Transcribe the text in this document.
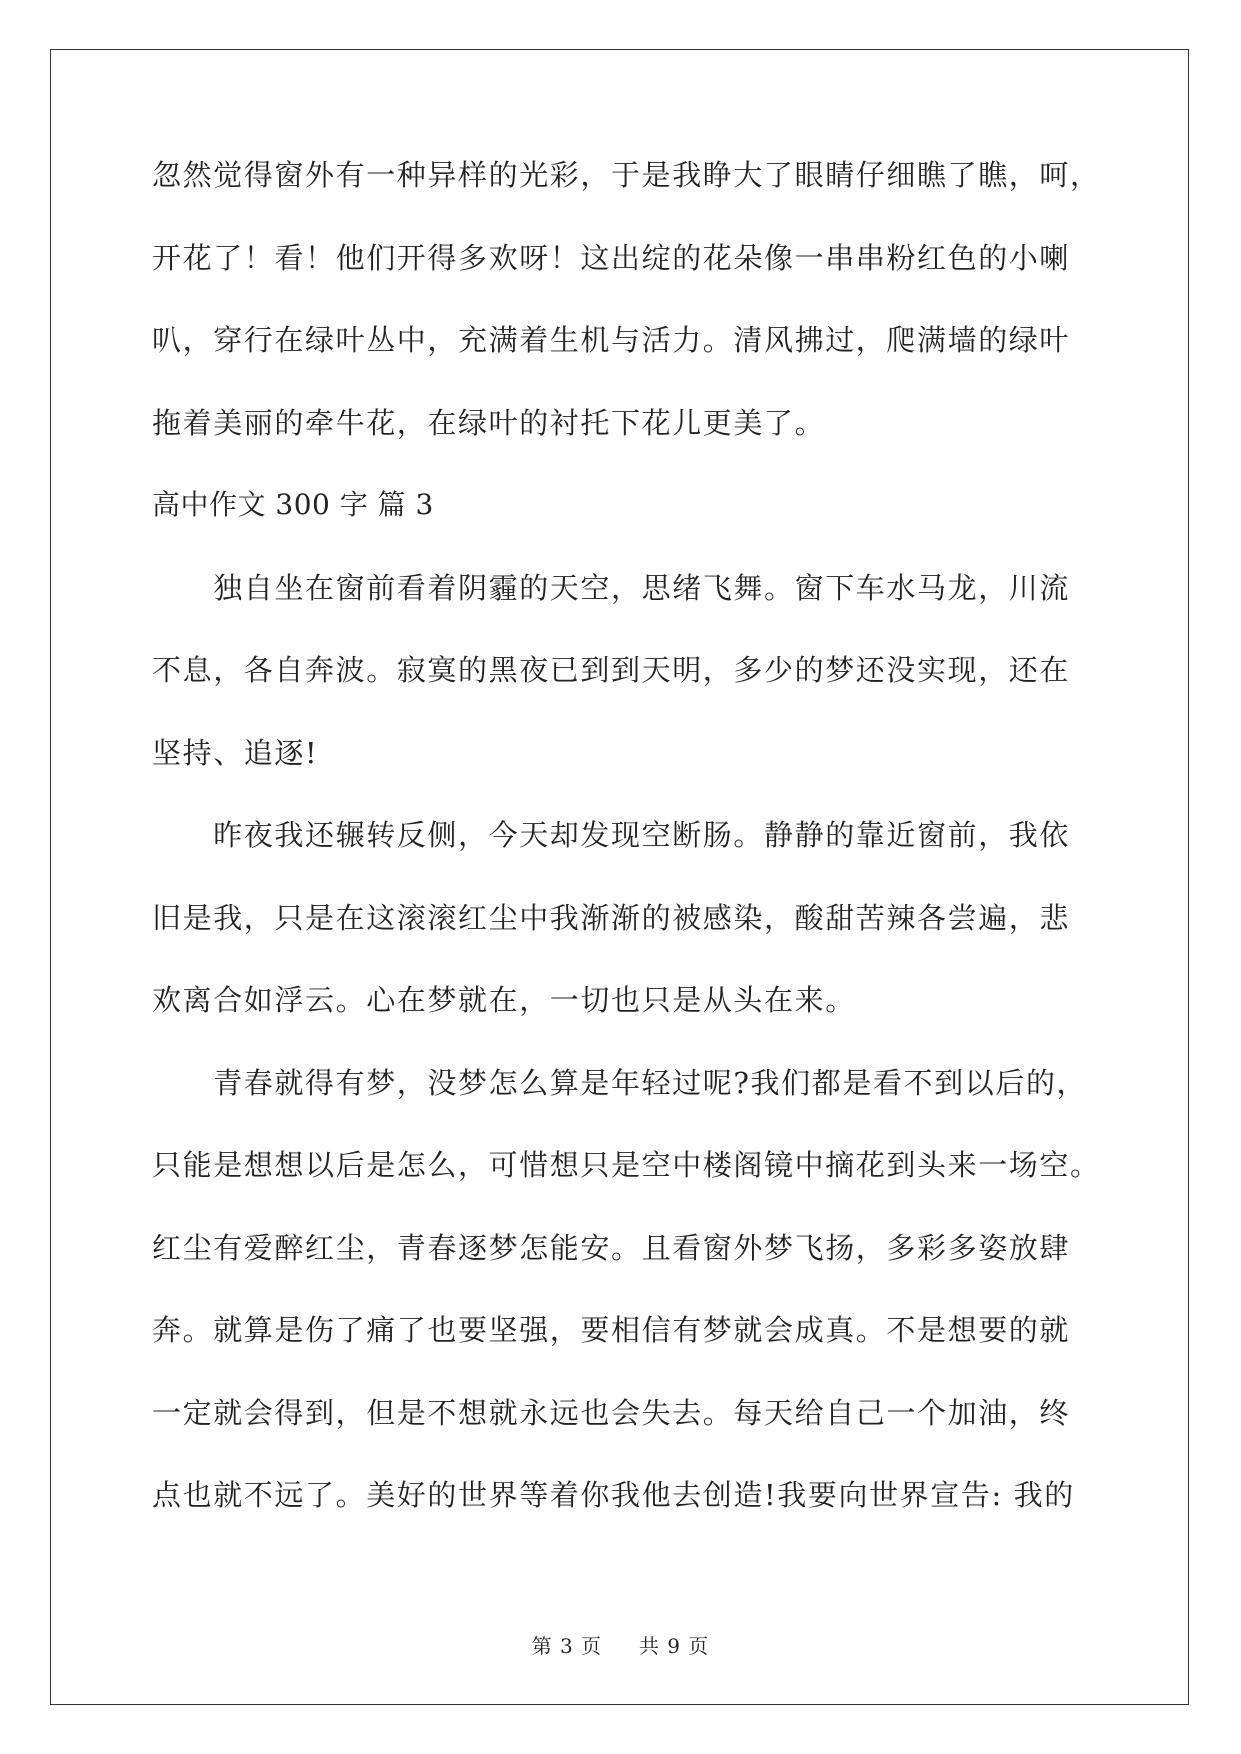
忽然觉得窗外有一种异样的光彩，于是我睁大了眼睛仔细瞧了瞧，呵，
开花了！看！他们开得多欢呀！这出绽的花朵像一串串粉红色的小喇
叭，穿行在绿叶丛中，充满着生机与活力。清风拂过，爬满墙的绿叶
拖着美丽的牵牛花，在绿叶的衬托下花儿更美了。
高中作文 300 字 篇 3
　　独自坐在窗前看着阴霾的天空，思绪飞舞。窗下车水马龙，川流
不息，各自奔波。寂寞的黑夜已到到天明，多少的梦还没实现，还在
坚持、追逐!
　　昨夜我还辗转反侧，今天却发现空断肠。静静的靠近窗前，我依
旧是我，只是在这滚滚红尘中我渐渐的被感染，酸甜苦辣各尝遍，悲
欢离合如浮云。心在梦就在，一切也只是从头在来。
　　青春就得有梦，没梦怎么算是年轻过呢?我们都是看不到以后的，
只能是想想以后是怎么，可惜想只是空中楼阁镜中摘花到头来一场空。
红尘有爱醉红尘，青春逐梦怎能安。且看窗外梦飞扬，多彩多姿放肆
奔。就算是伤了痛了也要坚强，要相信有梦就会成真。不是想要的就
一定就会得到，但是不想就永远也会失去。每天给自己一个加油，终
点也就不远了。美好的世界等着你我他去创造!我要向世界宣告: 我的
第 3 页 共 9 页
